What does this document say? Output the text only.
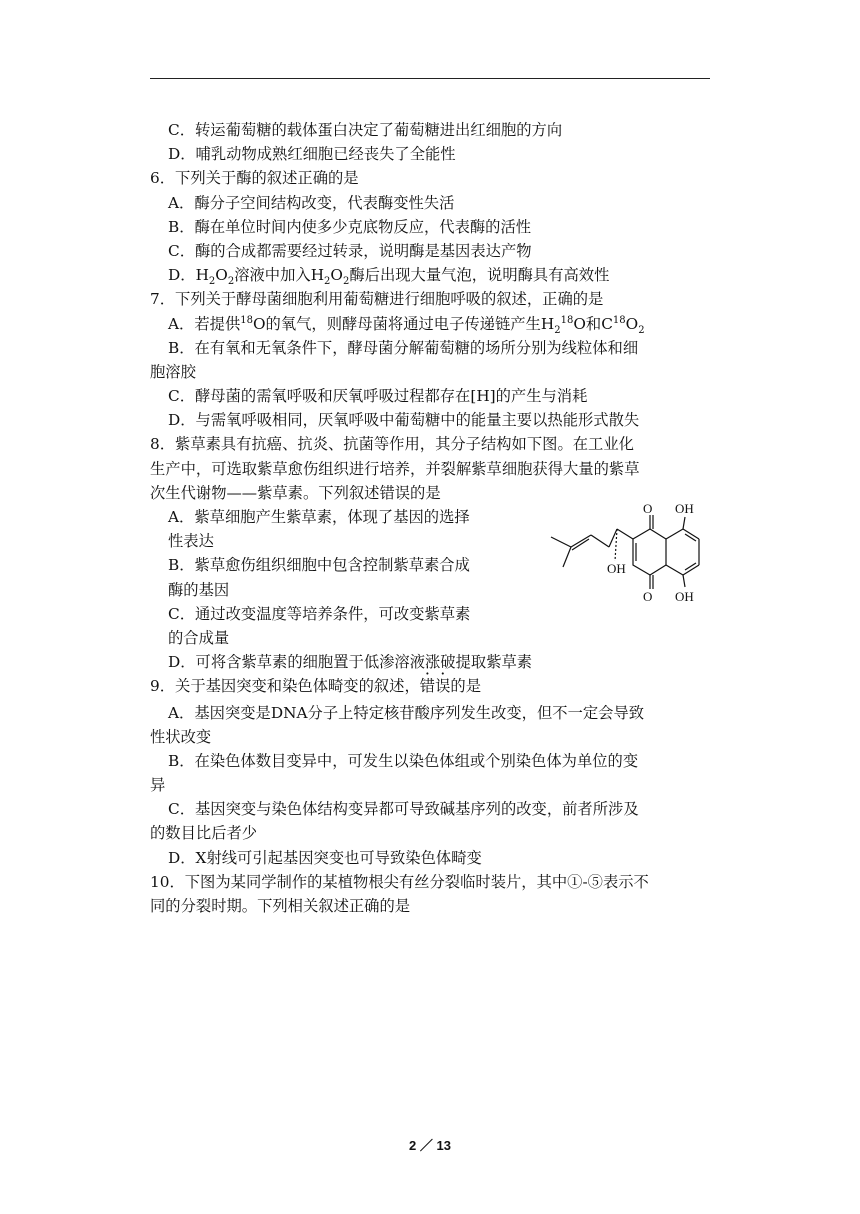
C．转运葡萄糖的载体蛋白决定了葡萄糖进出红细胞的方向
D．哺乳动物成熟红细胞已经丧失了全能性
6．下列关于酶的叙述正确的是
A．酶分子空间结构改变，代表酶变性失活
B．酶在单位时间内使多少克底物反应，代表酶的活性
C．酶的合成都需要经过转录，说明酶是基因表达产物
D．$H_2O_2$溶液中加入$H_2O_2$酶后出现大量气泡，说明酶具有高效性
7．下列关于酵母菌细胞利用葡萄糖进行细胞呼吸的叙述，正确的是
A．若提供$^{18}$O的氧气，则酵母菌将通过电子传递链产生$H_2^{18}O$和$C^{18}O_2$
B．在有氧和无氧条件下，酵母菌分解葡萄糖的场所分别为线粒体和细
胞溶胶
C．酵母菌的需氧呼吸和厌氧呼吸过程都存在[H]的产生与消耗
D．与需氧呼吸相同，厌氧呼吸中葡萄糖中的能量主要以热能形式散失
8．紫草素具有抗癌、抗炎、抗菌等作用，其分子结构如下图。在工业化
生产中，可选取紫草愈伤组织进行培养，并裂解紫草细胞获得大量的紫草
次生代谢物——紫草素。下列叙述错误的是
A．紫草细胞产生紫草素，体现了基因的选择
性表达
B．紫草愈伤组织细胞中包含控制紫草素合成
酶的基因
C．通过改变温度等培养条件，可改变紫草素
的合成量
O OH
OH
O OH
D．可将含紫草素的细胞置于低渗溶液涨破提取紫草素
9．关于基因突变和染色体畸变的叙述，错误的是
A．基因突变是DNA分子上特定核苷酸序列发生改变，但不一定会导致
性状改变
B．在染色体数目变异中，可发生以染色体组或个别染色体为单位的变
异
C．基因突变与染色体结构变异都可导致碱基序列的改变，前者所涉及
的数目比后者少
D．X射线可引起基因突变也可导致染色体畸变
10．下图为某同学制作的某植物根尖有丝分裂临时装片，其中①-⑤表示不
同的分裂时期。下列相关叙述正确的是
2 ／ 13
